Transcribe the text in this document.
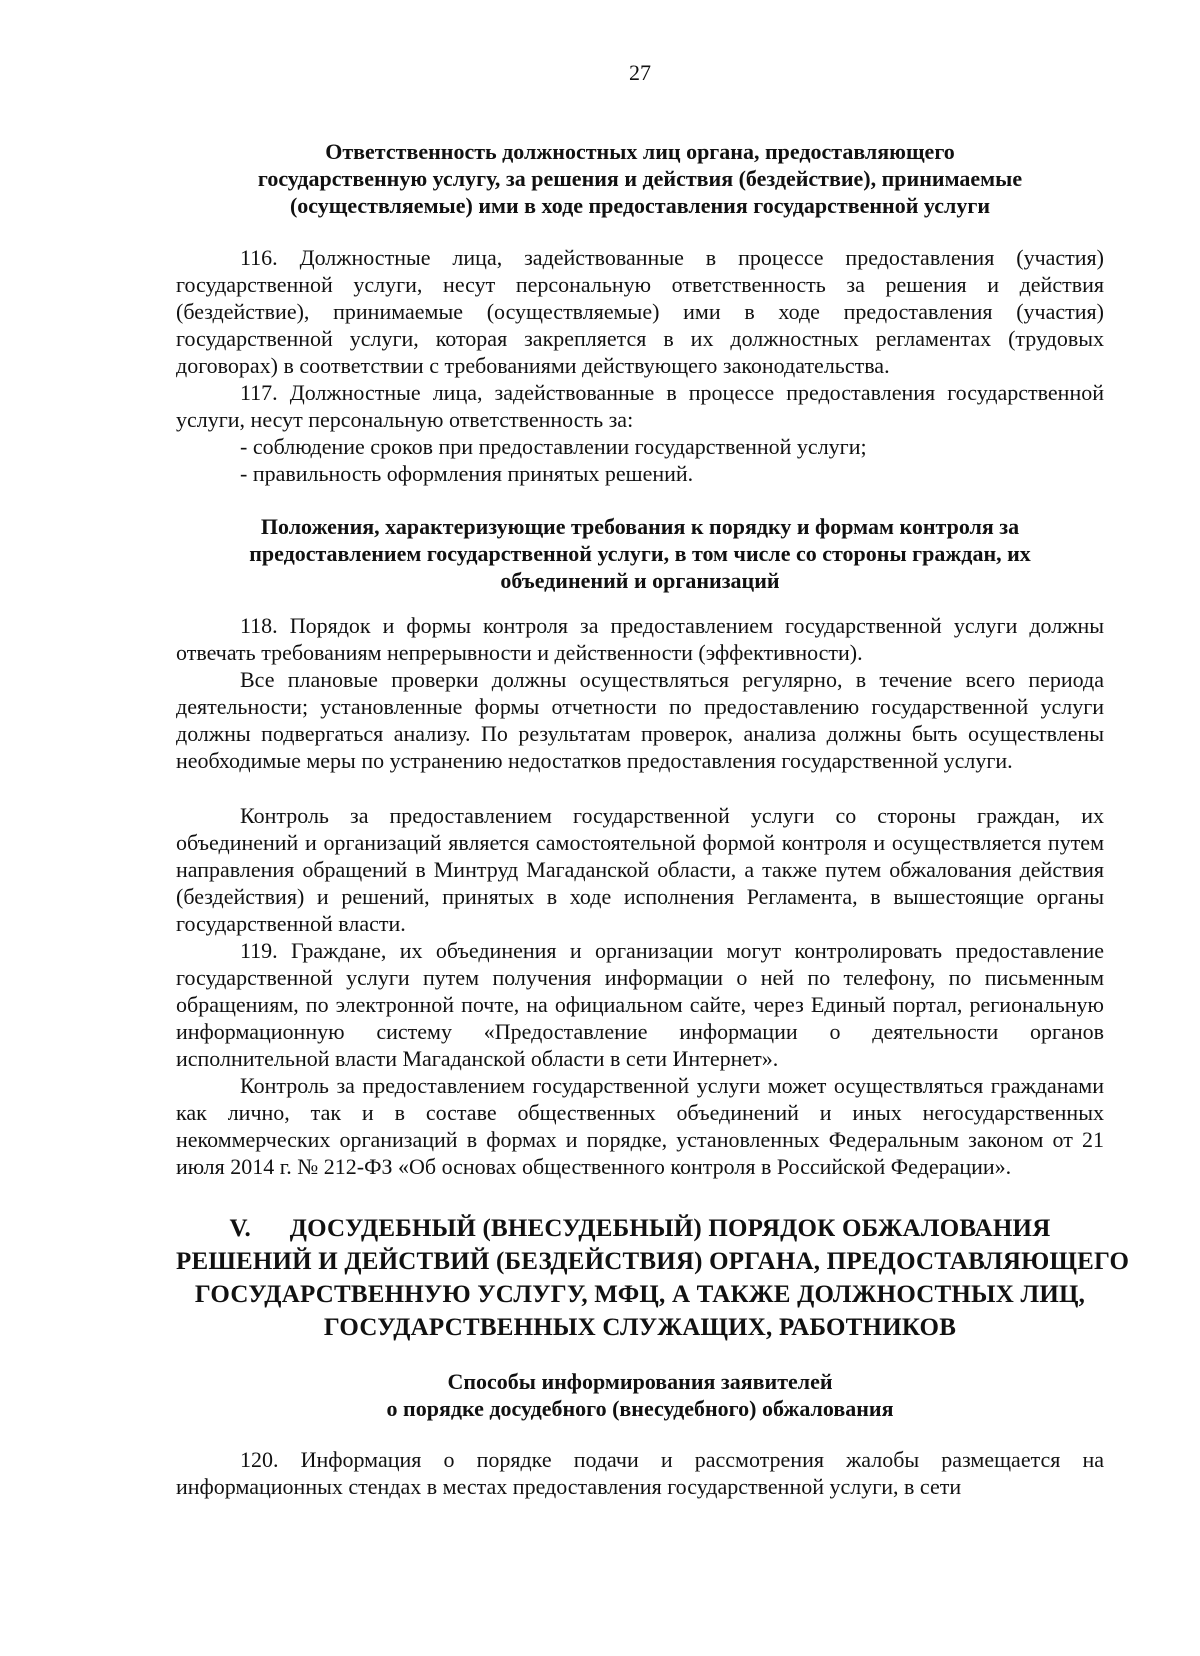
27
Ответственность должностных лиц органа, предоставляющего
государственную услугу, за решения и действия (бездействие), принимаемые
(осуществляемые) ими в ходе предоставления государственной услуги

116. Должностные лица, задействованные в процессе предоставления (участия) государственной услуги, несут персональную ответственность за решения и действия (бездействие), принимаемые (осуществляемые) ими в ходе предоставления (участия) государственной услуги, которая закрепляется в их должностных регламентах (трудовых договорах) в соответствии с требованиями действующего законодательства.

117. Должностные лица, задействованные в процессе предоставления государственной услуги, несут персональную ответственность за:

- соблюдение сроков при предоставлении государственной услуги;

- правильность оформления принятых решений.

Положения, характеризующие требования к порядку и формам контроля за
предоставлением государственной услуги, в том числе со стороны граждан, их
объединений и организаций

118. Порядок и формы контроля за предоставлением государственной услуги должны отвечать требованиям непрерывности и действенности (эффективности).

Все плановые проверки должны осуществляться регулярно, в течение всего периода деятельности; установленные формы отчетности по предоставлению государственной услуги должны подвергаться анализу. По результатам проверок, анализа должны быть осуществлены необходимые меры по устранению недостатков предоставления государственной услуги.

Контроль за предоставлением государственной услуги со стороны граждан, их объединений и организаций является самостоятельной формой контроля и осуществляется путем направления обращений в Минтруд Магаданской области, а также путем обжалования действия (бездействия) и решений, принятых в ходе исполнения Регламента, в вышестоящие органы государственной власти.

119. Граждане, их объединения и организации могут контролировать предоставление государственной услуги путем получения информации о ней по телефону, по письменным обращениям, по электронной почте, на официальном сайте, через Единый портал, региональную информационную систему «Предоставление информации о деятельности органов исполнительной власти Магаданской области в сети Интернет».

Контроль за предоставлением государственной услуги может осуществляться гражданами как лично, так и в составе общественных объединений и иных негосударственных некоммерческих организаций в формах и порядке, установленных Федеральным законом от 21 июля 2014 г. № 212-ФЗ «Об основах общественного контроля в Российской Федерации».

V.      ДОСУДЕБНЫЙ (ВНЕСУДЕБНЫЙ) ПОРЯДОК ОБЖАЛОВАНИЯ
РЕШЕНИЙ И ДЕЙСТВИЙ (БЕЗДЕЙСТВИЯ) ОРГАНА, ПРЕДОСТАВЛЯЮЩЕГО
ГОСУДАРСТВЕННУЮ УСЛУГУ, МФЦ, А ТАКЖЕ ДОЛЖНОСТНЫХ ЛИЦ,
ГОСУДАРСТВЕННЫХ СЛУЖАЩИХ, РАБОТНИКОВ
Способы информирования заявителей
о порядке досудебного (внесудебного) обжалования

120. Информация о порядке подачи и рассмотрения жалобы размещается на информационных стендах в местах предоставления государственной услуги, в сети
